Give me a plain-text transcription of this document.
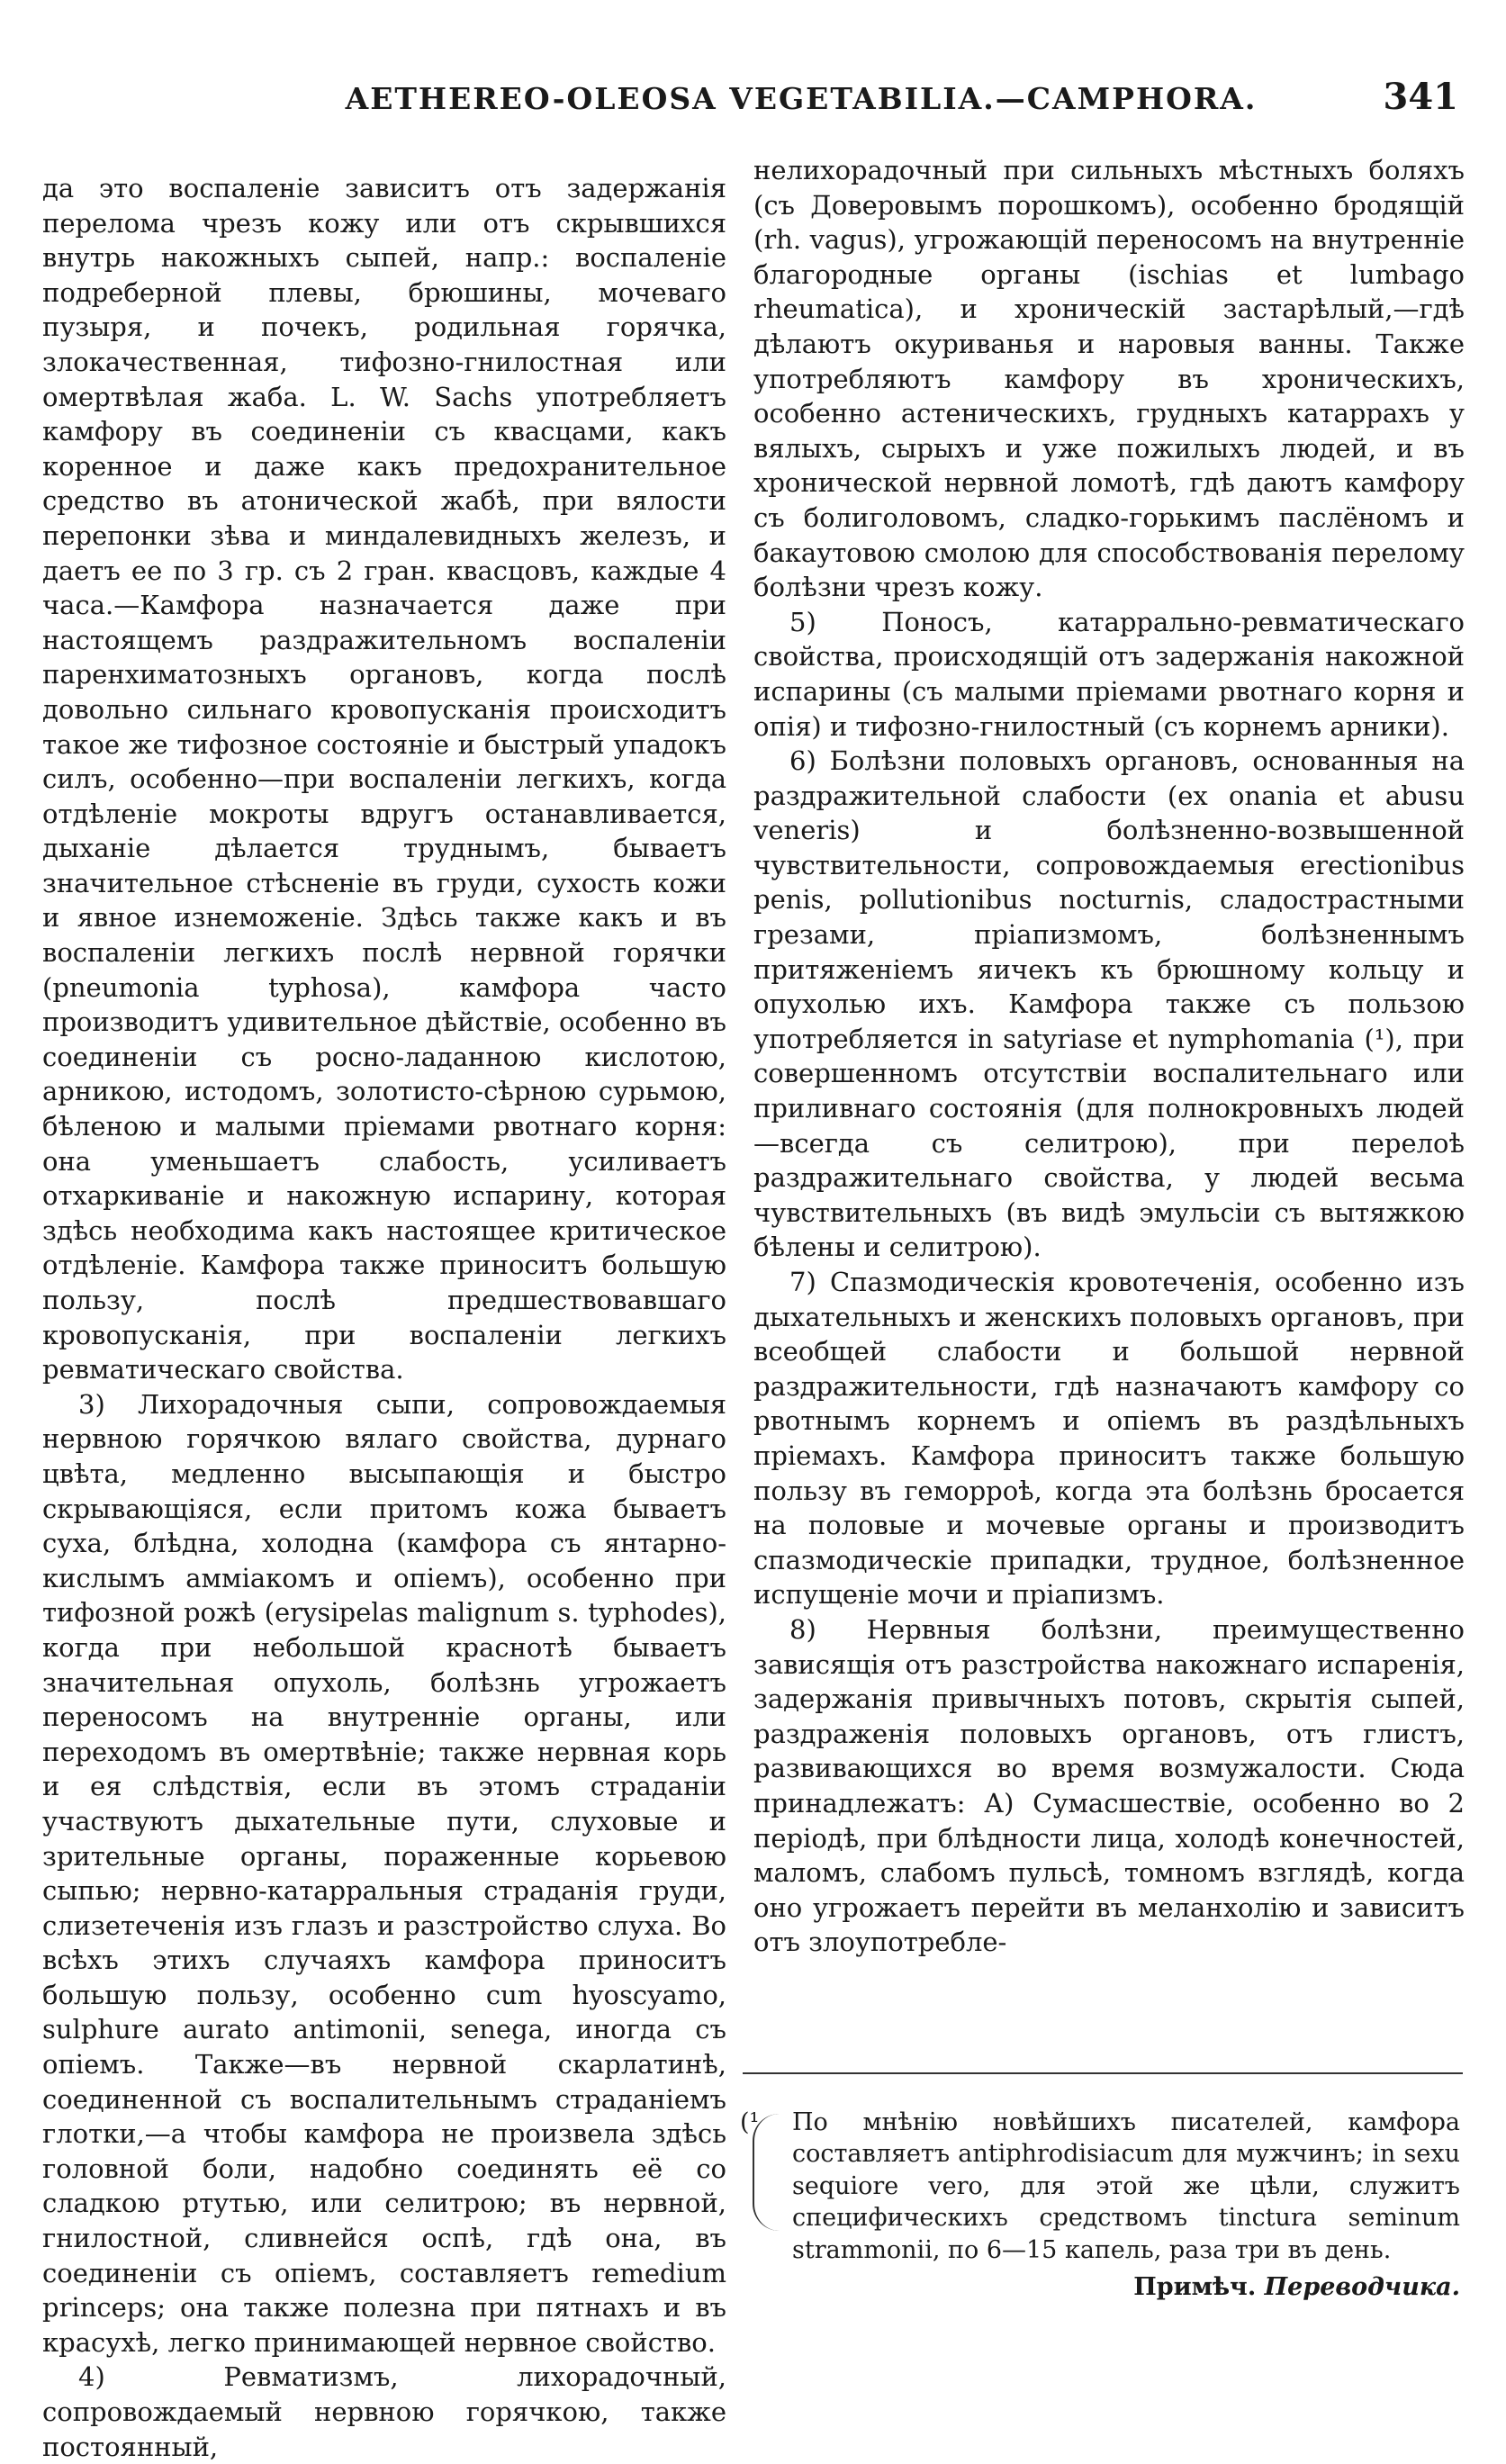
AETHEREO-OLEOSA VEGETABILIA.—CAMPHORA.	341

да это воспаленіе зависитъ отъ задержанія перелома чрезъ кожу или отъ скрывшихся внутрь накожныхъ сыпей, напр.: воспаленіе подреберной плевы, брюшины, мочеваго пузыря, и почекъ, родильная горячка, злокачественная, тифозно-гнилостная или омертвѣлая жаба. L. W. Sachs употребляетъ камфору въ соединеніи съ квасцами, какъ коренное и даже какъ предохранительное средство въ атонической жабѣ, при вялости перепонки зѣва и миндалевидныхъ железъ, и даетъ ее по 3 гр. съ 2 гран. квасцовъ, каждые 4 часа.—Камфора назначается даже при настоящемъ раздражительномъ воспаленіи паренхиматозныхъ органовъ, когда послѣ довольно сильнаго кровопусканія происходитъ такое же тифозное состояніе и быстрый упадокъ силъ, особенно—при воспаленіи легкихъ, когда отдѣленіе мокроты вдругъ останавливается, дыханіе дѣлается труднымъ, бываетъ значительное стѣсненіе въ груди, сухость кожи и явное изнеможеніе. Здѣсь также какъ и въ воспаленіи легкихъ послѣ нервной горячки (pneumonia typhosa), камфора часто производитъ удивительное дѣйствіе, особенно въ соединеніи съ росно-ладанною кислотою, арникою, истодомъ, золотисто-сѣрною сурьмою, бѣленою и малыми пріемами рвотнаго корня: она уменьшаетъ слабость, усиливаетъ отхаркиваніе и накожную испарину, которая здѣсь необходима какъ настоящее критическое отдѣленіе. Камфора также приноситъ большую пользу, послѣ предшествовавшаго кровопусканія, при воспаленіи легкихъ ревматическаго свойства.

3) Лихорадочныя сыпи, сопровождаемыя нервною горячкою вялаго свойства, дурнаго цвѣта, медленно высыпающія и быстро скрывающіяся, если притомъ кожа бываетъ суха, блѣдна, холодна (камфора съ янтарно-кислымъ аммiакомъ и опіемъ), особенно при тифозной рожѣ (erysipelas malignum s. typhodes), когда при небольшой краснотѣ бываетъ значительная опухоль, болѣзнь угрожаетъ переносомъ на внутренніе органы, или переходомъ въ омертвѣніе; также нервная корь и ея слѣдствія, если въ этомъ страданіи участвуютъ дыхательные пути, слуховые и зрительные органы, пораженные корьевою сыпью; нервно-катарральныя страданія груди, слизетеченія изъ глазъ и разстройство слуха. Во всѣхъ этихъ случаяхъ камфора приноситъ большую пользу, особенно cum hyoscyamo, sulphure aurato antimonii, senega, иногда съ опіемъ. Также—въ нервной скарлатинѣ, соединенной съ воспалительнымъ страданіемъ глотки,—а чтобы камфора не произвела здѣсь головной боли, надобно соединять её со сладкою ртутью, или селитрою; въ нервной, гнилостной, сливнейся оспѣ, гдѣ она, въ соединеніи съ опіемъ, составляетъ remedium princeps; она также полезна при пятнахъ и въ красухѣ, легко принимающей нервное свойство.

4) Ревматизмъ, лихорадочный, сопровождаемый нервною горячкою, также постоянный,

нелихорадочный при сильныхъ мѣстныхъ боляхъ (съ Доверовымъ порошкомъ), особенно бродящій (rh. vagus), угрожающій переносомъ на внутренніе благородные органы (ischias et lumbago rheumatica), и хроническій застарѣлый,—гдѣ дѣлаютъ окуриванья и наровыя ванны. Также употребляютъ камфору въ хроническихъ, особенно астеническихъ, грудныхъ катаррахъ у вялыхъ, сырыхъ и уже пожилыхъ людей, и въ хронической нервной ломотѣ, гдѣ даютъ камфору съ болиголовомъ, сладко-горькимъ паслёномъ и бакаутовою смолою для способствованія перелому болѣзни чрезъ кожу.

5) Поносъ, катаррально-ревматическаго свойства, происходящій отъ задержанія накожной испарины (съ малыми пріемами рвотнаго корня и опія) и тифозно-гнилостный (съ корнемъ арники).

6) Болѣзни половыхъ органовъ, основанныя на раздражительной слабости (ex onania et abusu veneris) и болѣзненно-возвышенной чувствительности, сопровождаемыя erectionibus penis, pollutionibus nocturnis, сладострастными грезами, пріапизмомъ, болѣзненнымъ притяженіемъ яичекъ къ брюшному кольцу и опухолью ихъ. Камфора также съ пользою употребляется in satyriase et nymphomania (¹), при совершенномъ отсутствіи воспалительнаго или приливнаго состоянія (для полнокровныхъ людей—всегда съ селитрою), при перелоѣ раздражительнаго свойства, у людей весьма чувствительныхъ (въ видѣ эмульсіи съ вытяжкою бѣлены и селитрою).

7) Спазмодическія кровотеченія, особенно изъ дыхательныхъ и женскихъ половыхъ органовъ, при всеобщей слабости и большой нервной раздражительности, гдѣ назначаютъ камфору со рвотнымъ корнемъ и опіемъ въ раздѣльныхъ пріемахъ. Камфора приноситъ также большую пользу въ геморроѣ, когда эта болѣзнь бросается на половые и мочевые органы и производитъ спазмодическіе припадки, трудное, болѣзненное испущеніе мочи и пріапизмъ.

8) Нервныя болѣзни, преимущественно зависящія отъ разстройства накожнаго испаренія, задержанія привычныхъ потовъ, скрытія сыпей, раздраженія половыхъ органовъ, отъ глистъ, развивающихся во время возмужалости. Сюда принадлежатъ: А) Сумасшествіе, особенно во 2 періодѣ, при блѣдности лица, холодѣ конечностей, маломъ, слабомъ пульсѣ, томномъ взглядѣ, когда оно угрожаетъ перейти въ меланхолію и зависитъ отъ злоупотребле-

(¹ По мнѣнію новѣйшихъ писателей, камфора составляетъ antiphrodisiacum для мужчинъ; in sexu sequiore vero, для этой же цѣли, служитъ специфическихъ средствомъ tinctura seminum strammonii, по 6—15 капель, раза три въ день.
Примѣч. Переводчика.
